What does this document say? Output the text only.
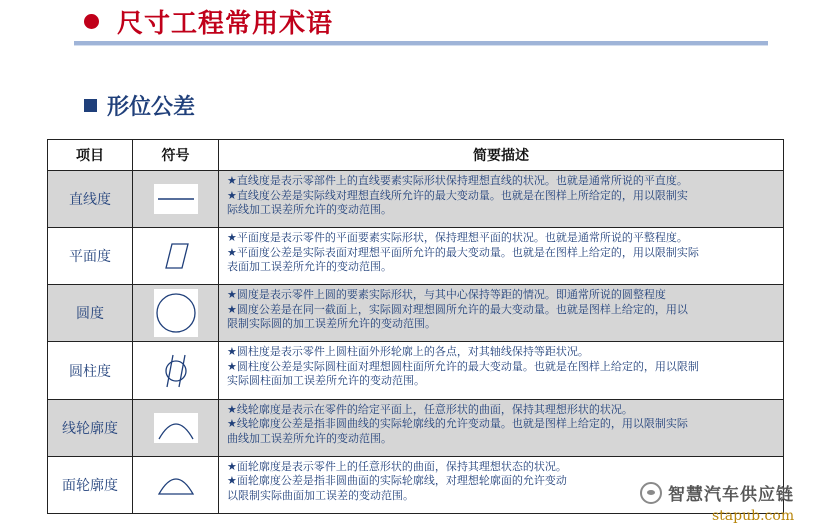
尺寸工程常用术语
形位公差
项目	符号	简要描述
直线度		★直线度是表示零部件上的直线要素实际形状保持理想直线的状况。也就是通常所说的平直度。
★直线度公差是实际线对理想直线所允许的最大变动量。也就是在图样上所给定的，用以限制实
际线加工误差所允许的变动范围。

平面度		★平面度是表示零件的平面要素实际形状，保持理想平面的状况。也就是通常所说的平整程度。
★平面度公差是实际表面对理想平面所允许的最大变动量。也就是在图样上给定的，用以限制实际
表面加工误差所允许的变动范围。

圆度		★圆度是表示零件上圆的要素实际形状，与其中心保持等距的情况。即通常所说的圆整程度
★圆度公差是在同一截面上，实际圆对理想圆所允许的最大变动量。也就是图样上给定的，用以
限制实际圆的加工误差所允许的变动范围。

圆柱度		★圆柱度是表示零件上圆柱面外形轮廓上的各点，对其轴线保持等距状况。
★圆柱度公差是实际圆柱面对理想圆柱面所允许的最大变动量。也就是在图样上给定的，用以限制
实际圆柱面加工误差所允许的变动范围。

线轮廓度		★线轮廓度是表示在零件的给定平面上，任意形状的曲面，保持其理想形状的状况。
★线轮廓度公差是指非圆曲线的实际轮廓线的允许变动量。也就是图样上给定的，用以限制实际
曲线加工误差所允许的变动范围。

面轮廓度		★面轮廓度是表示零件上的任意形状的曲面，保持其理想状态的状况。
★面轮廓度公差是指非圆曲面的实际轮廓线，对理想轮廓面的允许变动
以限制实际曲面加工误差的变动范围。	智慧汽车供应链
stapub.com
